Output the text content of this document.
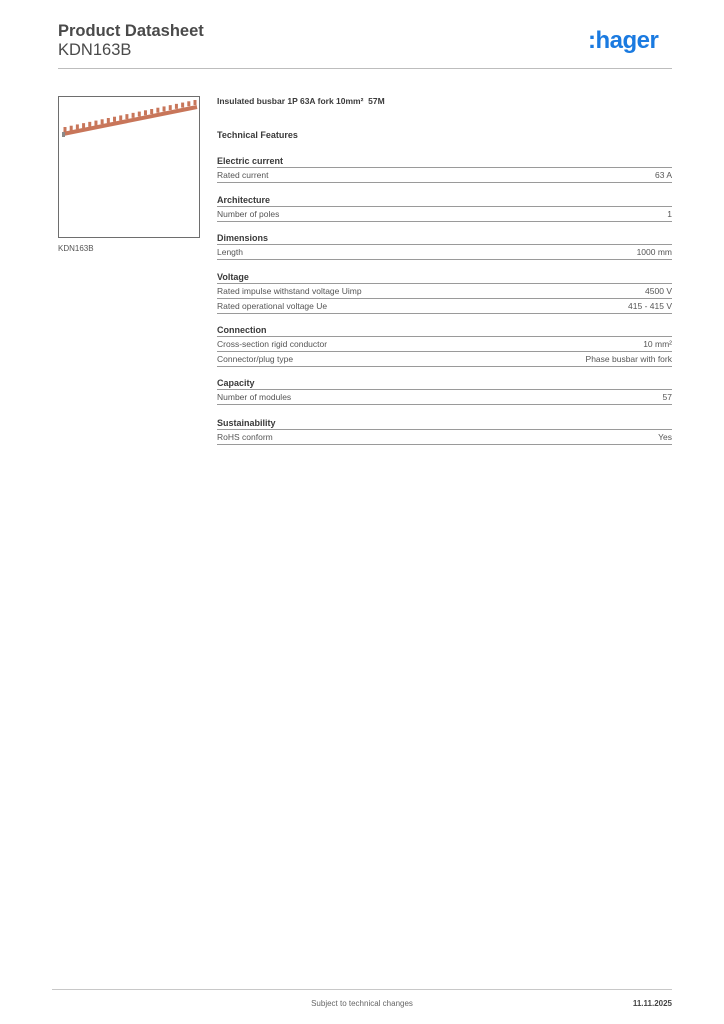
Product Datasheet
KDN163B	:hager
KDN163B
Insulated busbar 1P 63A fork 10mm²  57M
Technical Features
Electric current
Rated current	63 A
Architecture
Number of poles	1
Dimensions
Length	1000 mm
Voltage
Rated impulse withstand voltage Uimp	4500 V
Rated operational voltage Ue	415 - 415 V
Connection
Cross-section rigid conductor	10 mm²
Connector/plug type	Phase busbar with fork
Capacity
Number of modules	57
Sustainability
RoHS conform	Yes
Subject to technical changes	11.11.2025
